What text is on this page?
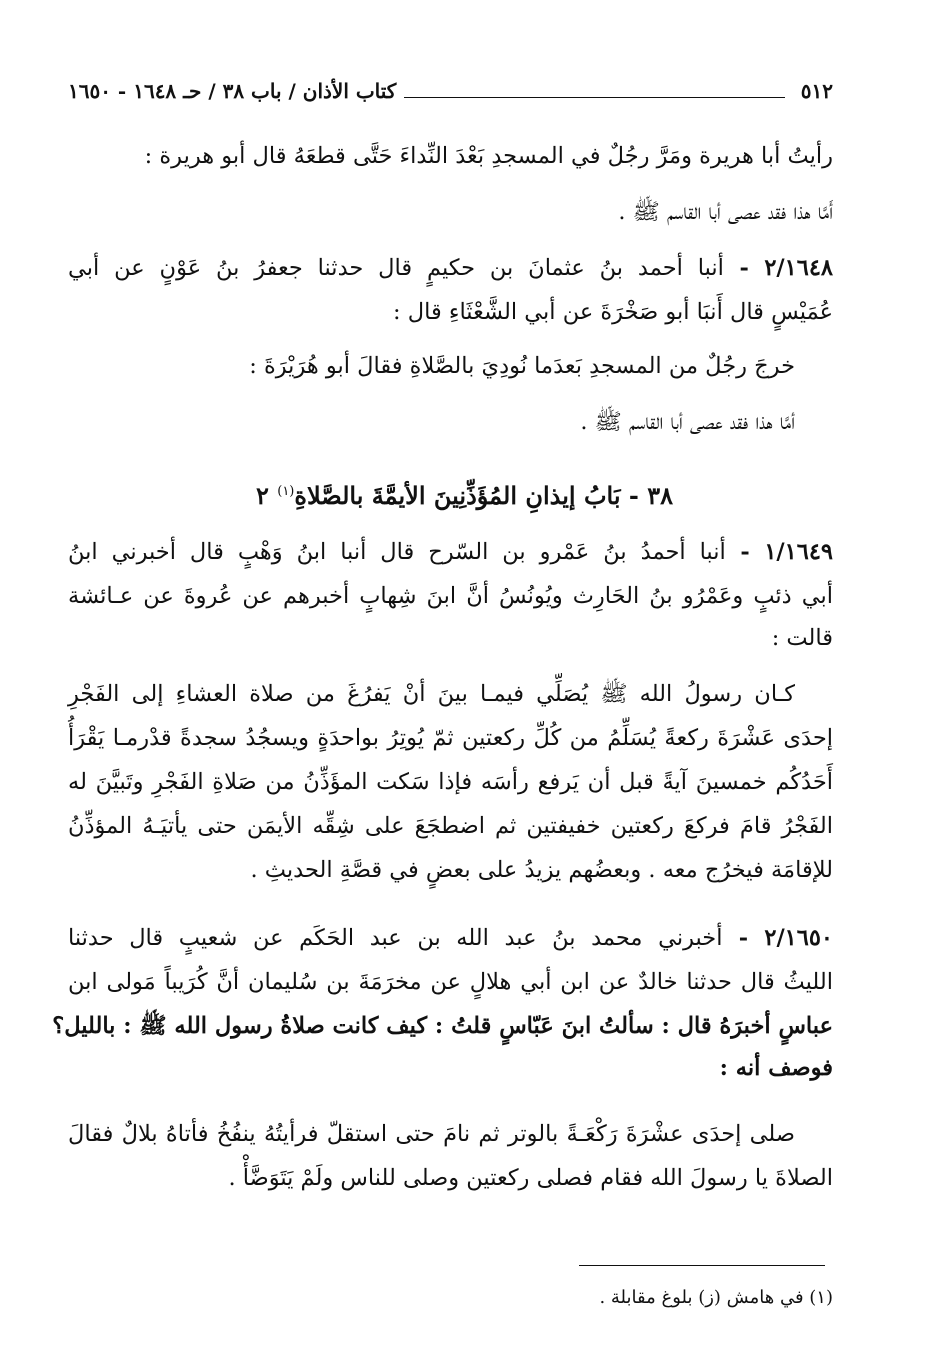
٥١٢
كتاب الأذان / باب ٣٨ / حـ ١٦٤٨ - ١٦٥٠
رأيتُ أبا هريرة ومَرَّ رجُلٌ في المسجدِ بَعْدَ النِّداءَ حَتَّى قطعَهُ قال أبو هريرة :
أَمَّا هذا فقد عصى أبا القاسم ﷺ .
٢/١٦٤٨ - أنبا أحمد بنُ عثمانَ بن حكيمٍ قال حدثنا جعفرُ بنُ عَوْنٍ عن أبي
عُمَيْسٍ قال أَنبَا أبو صَخْرَةَ عن أبي الشَّعْثَاءِ قال :
خرجَ رجُلٌ من المسجدِ بَعدَما نُودِيَ بالصَّلاةِ فقالَ أبو هُرَيْرَةَ :
أمَّا هذا فقد عصى أبا القاسم ﷺ .
٣٨ - بَابُ إيذانِ المُؤَذِّنِينَ الأيمَّةَ بالصَّلاةِ$^{(١)}$ ٢
١/١٦٤٩ - أنبا أحمدُ بنُ عَمْرو بن السّرح قال أنبا ابنُ وَهْبٍ قال أخبرني ابنُ
أبي ذئبٍ وعَمْرُو بنُ الحَارِث ويُونُسُ أنَّ ابنَ شِهابٍ أخبرهم عن عُروةَ عن عـائشة
قالت :
كـان رسولُ الله ﷺ يُصَلِّي فيمـا بينَ أنْ يَفرُغَ من صلاة العشاءِ إلى الفَجْرِ
إحدَى عَشْرَةَ ركعةً يُسَلِّمُ من كُلِّ ركعتين ثمّ يُوتِرُ بواحدَةٍ ويسجُدُ سجدةً قدْرمـا يَقْرَأُ
أَحَدُكُم خمسينَ آيةً قبل أن يَرفع رأسَه فإذا سَكت المؤَذِّنُ من صَلاةِ الفَجْرِ وتَبيَّنَ له
الفَجْرُ قامَ فركعَ ركعتين خفيفتين ثم اضطجَعَ على شِقِّه الأيمَن حتى يأتيَـهُ المؤذِّنُ
للإقامَة فيخرُج معه . وبعضُهم يزيدُ على بعضٍ في قصَّةِ الحديثِ .
٢/١٦٥٠ - أخبرني محمد بنُ عبد الله بن عبد الحَكَم عن شعيبٍ قال حدثنا
الليثُ قال حدثنا خالدٌ عن ابن أبي هلالٍ عن مخرَمَةَ بن سُليمان أنَّ كُرَيباً مَولى ابن
عباسٍ أخبرَهُ قال : سألتُ ابنَ عَبّاسٍ قلتُ : كيف كانت صلاةُ رسول الله ﷺ : بالليل؟
فوصف أنه :
صلى إحدَى عشْرَةَ رَكْعَـةً بالوتر ثم نامَ حتى استقلّ فرأيتُهُ ينفُخُ فأتاهُ بلالٌ فقالَ
الصلاةَ يا رسولَ الله فقام فصلى ركعتين وصلى للناس ولَمْ يَتَوَضَّأْ .
(١) في هامش (ز) بلوغ مقابلة .
